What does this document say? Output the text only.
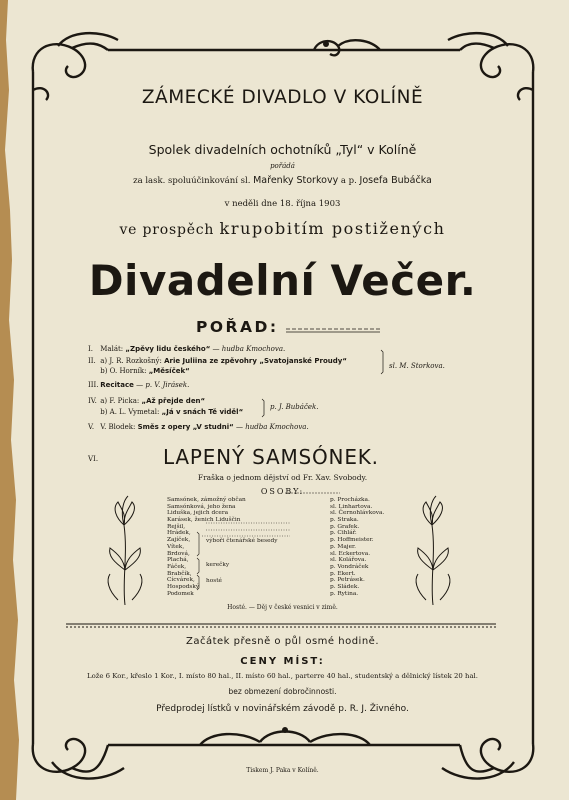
ZÁMECKÉ DIVADLO V KOLÍNĚ
Spolek divadelních ochotníků „Tyl“ v Kolíně
pořádá
za lask. spoluúčinkování sl. Mařenky Storkovy a p. Josefa Bubáčka
v neděli dne 18. října 1903
ve prospěch krupobitím postižených
Divadelní Večer.
POŘAD:
I. Malát: „Zpěvy lidu českého“ — hudba Kmochova.
II. a) J. R. Rozkošný: Arie Juliina ze zpěvohry „Svatojanské Proudy“
b) O. Horník: „Měsíček“
sl. M. Storkova.
III. Recitace — p. V. Jirásek.
IV. a) F. Picka: „Až přejde den“
b) A. L. Vymetal: „Já v snách Tě viděl“
p. J. Bubáček.
V. V. Blodek: Směs z opery „V studni“ — hudba Kmochova.
VI.	LAPENÝ SAMSÓNEK.
Fraška o jednom dějství od Fr. Xav. Svobody.
OSOBY:
Samsónek, zámožný občan
Samsónková, jeho žena
Liduška, jejich dcera
Karásek, ženich Liduščin
Rejšil,
Hrádek,
Zajíček,
Vítek,
Brdová,
Plachá,
Fáček,
Brabčík,
Cícvárek,
Hospodský
Podomek
p. Procházka.
sl. Linhartova.
sl. Černohlávkova.
p. Straka.
p. Grafek.
p. Cihlář.
p. Hoffmeister.
p. Majer.
sl. Eckertova.
sl. Kolářova.
p. Vondráček
p. Ekert.
p. Petrásek.
p. Sládek.
p. Rytina.
výboři čtenářské besedy
kerečky
hosté
Hosté. — Děj v české vesnici v zimě.
Začátek přesně o půl osmé hodině.
CENY MÍST:
Lože 6 Kor., křeslo 1 Kor., I. místo 80 hal., II. místo 60 hal., parterre 40 hal., studentský a dělnický lístek 20 hal.
bez obmezení dobročinnosti.
Předprodej lístků v novinářském závodě p. R. J. Živného.
Tiskem J. Paka v Kolíně.
